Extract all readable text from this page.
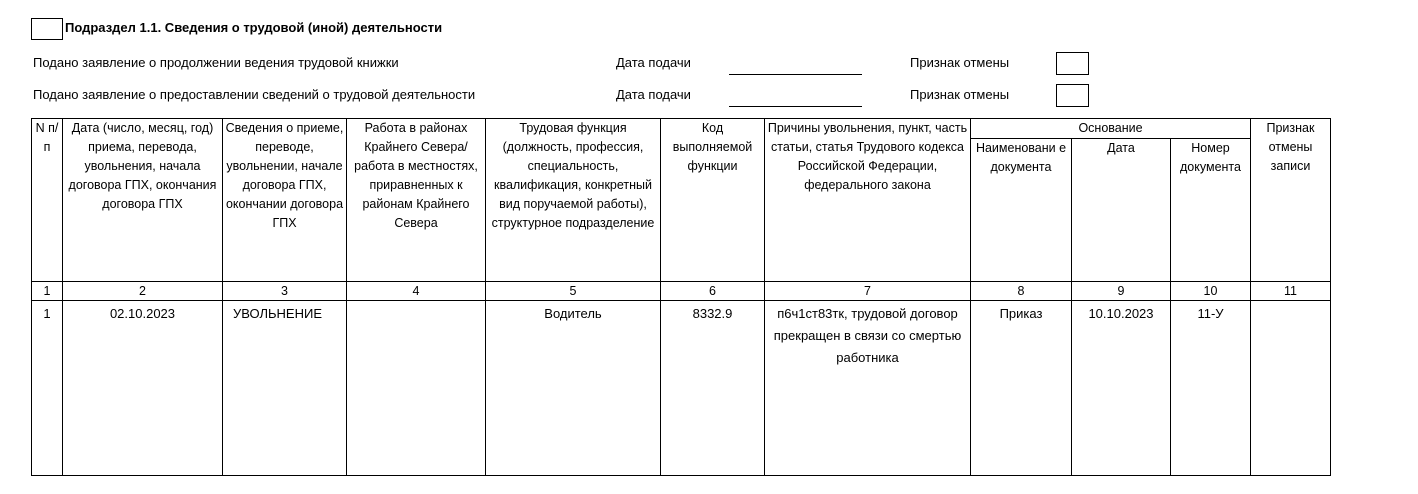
Подраздел 1.1. Сведения о трудовой (иной) деятельности
Подано заявление о продолжении ведения трудовой книжки	Дата подачи	Признак отмены
Подано заявление о предоставлении сведений о трудовой деятельности	Дата подачи	Признак отмены
N п/п	Дата (число, месяц, год) приема, перевода, увольнения, начала договора ГПХ, окончания договора ГПХ	Сведения о приеме, переводе, увольнении, начале договора ГПХ, окончании договора ГПХ	Работа в районах Крайнего Севера/ работа в местностях, приравненных к районам Крайнего Севера	Трудовая функция (должность, профессия, специальность, квалификация, конкретный вид поручаемой работы), структурное подразделение	Код выполняемой функции	Причины увольнения, пункт, часть статьи, статья Трудового кодекса Российской Федерации, федерального закона	Основание			Признак отмены записи
							Наименовани е документа	Дата	Номер документа	
1	2	3	4	5	6	7	8	9	10	11
1	02.10.2023	УВОЛЬНЕНИЕ		Водитель	8332.9	п6ч1ст83тк, трудовой договор прекращен в связи со смертью работника	Приказ	10.10.2023	11-У	
